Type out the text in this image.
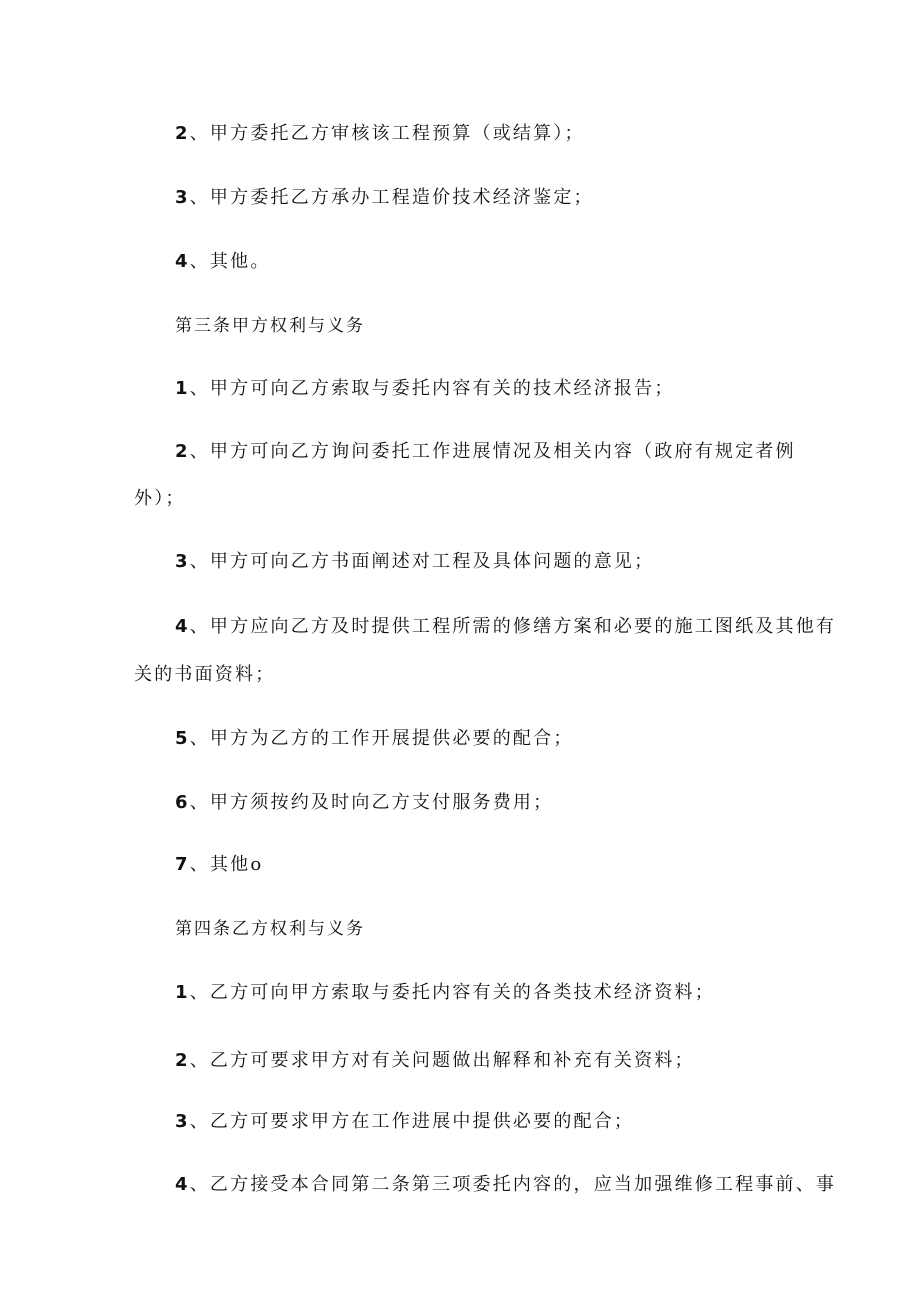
2、甲方委托乙方审核该工程预算（或结算）；

3、甲方委托乙方承办工程造价技术经济鉴定；

4、其他。

第三条甲方权利与义务

1、甲方可向乙方索取与委托内容有关的技术经济报告；

2、甲方可向乙方询问委托工作进展情况及相关内容（政府有规定者例

外）；

3、甲方可向乙方书面阐述对工程及具体问题的意见；

4、甲方应向乙方及时提供工程所需的修缮方案和必要的施工图纸及其他有

关的书面资料；

5、甲方为乙方的工作开展提供必要的配合；

6、甲方须按约及时向乙方支付服务费用；

7、其他o

第四条乙方权利与义务

1、乙方可向甲方索取与委托内容有关的各类技术经济资料；

2、乙方可要求甲方对有关问题做出解释和补充有关资料；

3、乙方可要求甲方在工作进展中提供必要的配合；

4、乙方接受本合同第二条第三项委托内容的，应当加强维修工程事前、事
